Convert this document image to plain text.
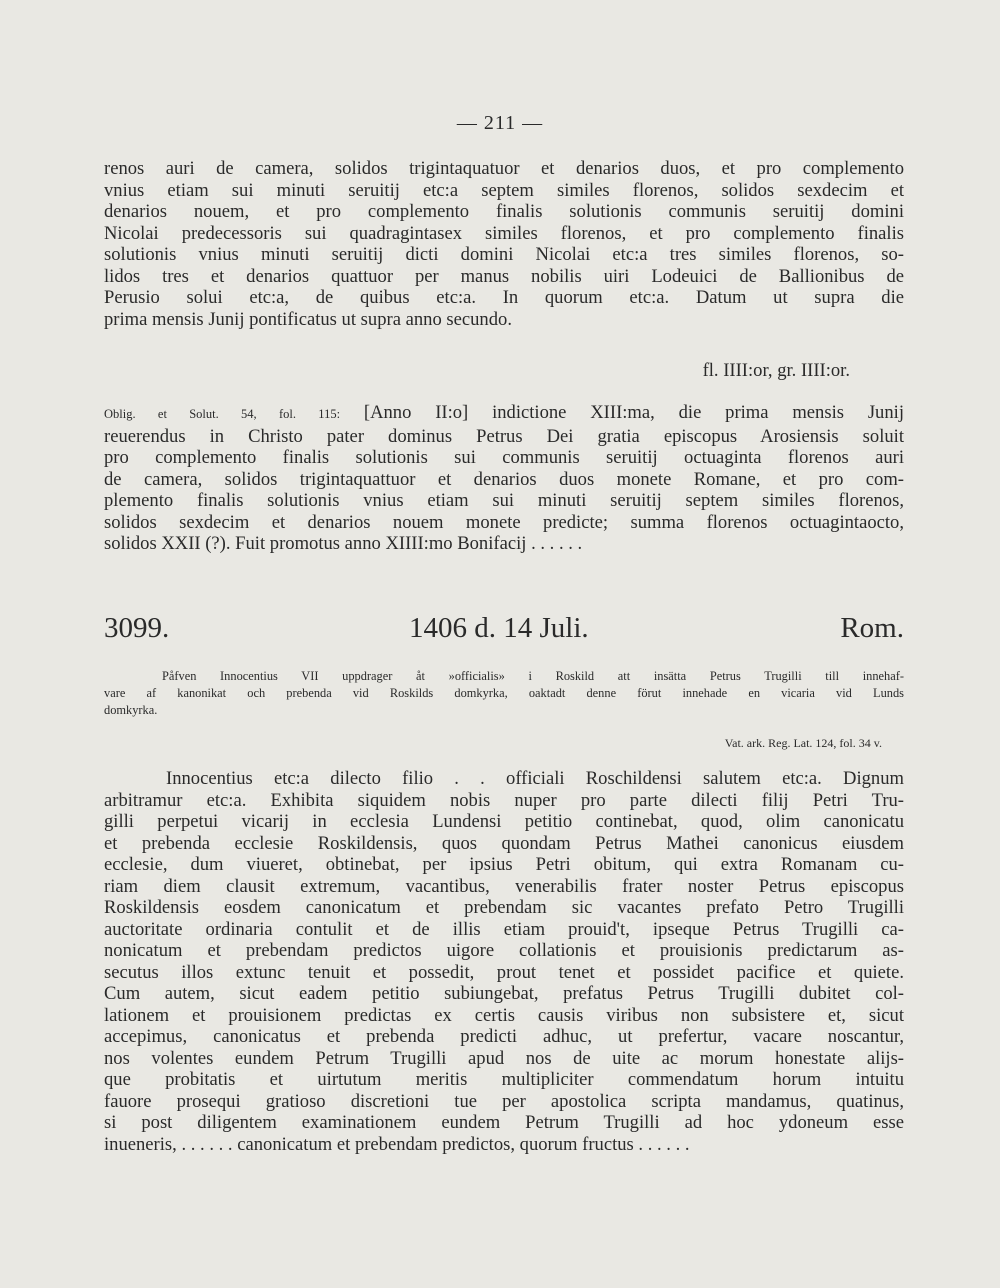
— 211 —
renos auri de camera, solidos trigintaquatuor et denarios duos, et pro complemento
vnius etiam sui minuti seruitij etc:a septem similes florenos, solidos sexdecim et
denarios nouem, et pro complemento finalis solutionis communis seruitij domini
Nicolai predecessoris sui quadragintasex similes florenos, et pro complemento finalis
solutionis vnius minuti seruitij dicti domini Nicolai etc:a tres similes florenos, so-
lidos tres et denarios quattuor per manus nobilis uiri Lodeuici de Ballionibus de
Perusio solui etc:a, de quibus etc:a. In quorum etc:a. Datum ut supra die
prima mensis Junij pontificatus ut supra anno secundo.
fl. IIII:or, gr. IIII:or.
Oblig. et Solut. 54, fol. 115: [Anno II:o] indictione XIII:ma, die prima mensis Junij
reuerendus in Christo pater dominus Petrus Dei gratia episcopus Arosiensis soluit
pro complemento finalis solutionis sui communis seruitij octuaginta florenos auri
de camera, solidos trigintaquattuor et denarios duos monete Romane, et pro com-
plemento finalis solutionis vnius etiam sui minuti seruitij septem similes florenos,
solidos sexdecim et denarios nouem monete predicte; summa florenos octuagintaocto,
solidos XXII (?). Fuit promotus anno XIIII:mo Bonifacij . . . . . .
3099.	1406 d. 14 Juli.	Rom.
Påfven Innocentius VII uppdrager åt »officialis» i Roskild att insätta Petrus Trugilli till innehaf-
vare af kanonikat och prebenda vid Roskilds domkyrka, oaktadt denne förut innehade en vicaria vid Lunds
domkyrka.
Vat. ark. Reg. Lat. 124, fol. 34 v.
Innocentius etc:a dilecto filio . . officiali Roschildensi salutem etc:a. Dignum
arbitramur etc:a. Exhibita siquidem nobis nuper pro parte dilecti filij Petri Tru-
gilli perpetui vicarij in ecclesia Lundensi petitio continebat, quod, olim canonicatu
et prebenda ecclesie Roskildensis, quos quondam Petrus Mathei canonicus eiusdem
ecclesie, dum viueret, obtinebat, per ipsius Petri obitum, qui extra Romanam cu-
riam diem clausit extremum, vacantibus, venerabilis frater noster Petrus episcopus
Roskildensis eosdem canonicatum et prebendam sic vacantes prefato Petro Trugilli
auctoritate ordinaria contulit et de illis etiam prouid't, ipseque Petrus Trugilli ca-
nonicatum et prebendam predictos uigore collationis et prouisionis predictarum as-
secutus illos extunc tenuit et possedit, prout tenet et possidet pacifice et quiete.
Cum autem, sicut eadem petitio subiungebat, prefatus Petrus Trugilli dubitet col-
lationem et prouisionem predictas ex certis causis viribus non subsistere et, sicut
accepimus, canonicatus et prebenda predicti adhuc, ut prefertur, vacare noscantur,
nos volentes eundem Petrum Trugilli apud nos de uite ac morum honestate alijs-
que probitatis et uirtutum meritis multipliciter commendatum horum intuitu
fauore prosequi gratioso discretioni tue per apostolica scripta mandamus, quatinus,
si post diligentem examinationem eundem Petrum Trugilli ad hoc ydoneum esse
inueneris, . . . . . . canonicatum et prebendam predictos, quorum fructus . . . . . .
